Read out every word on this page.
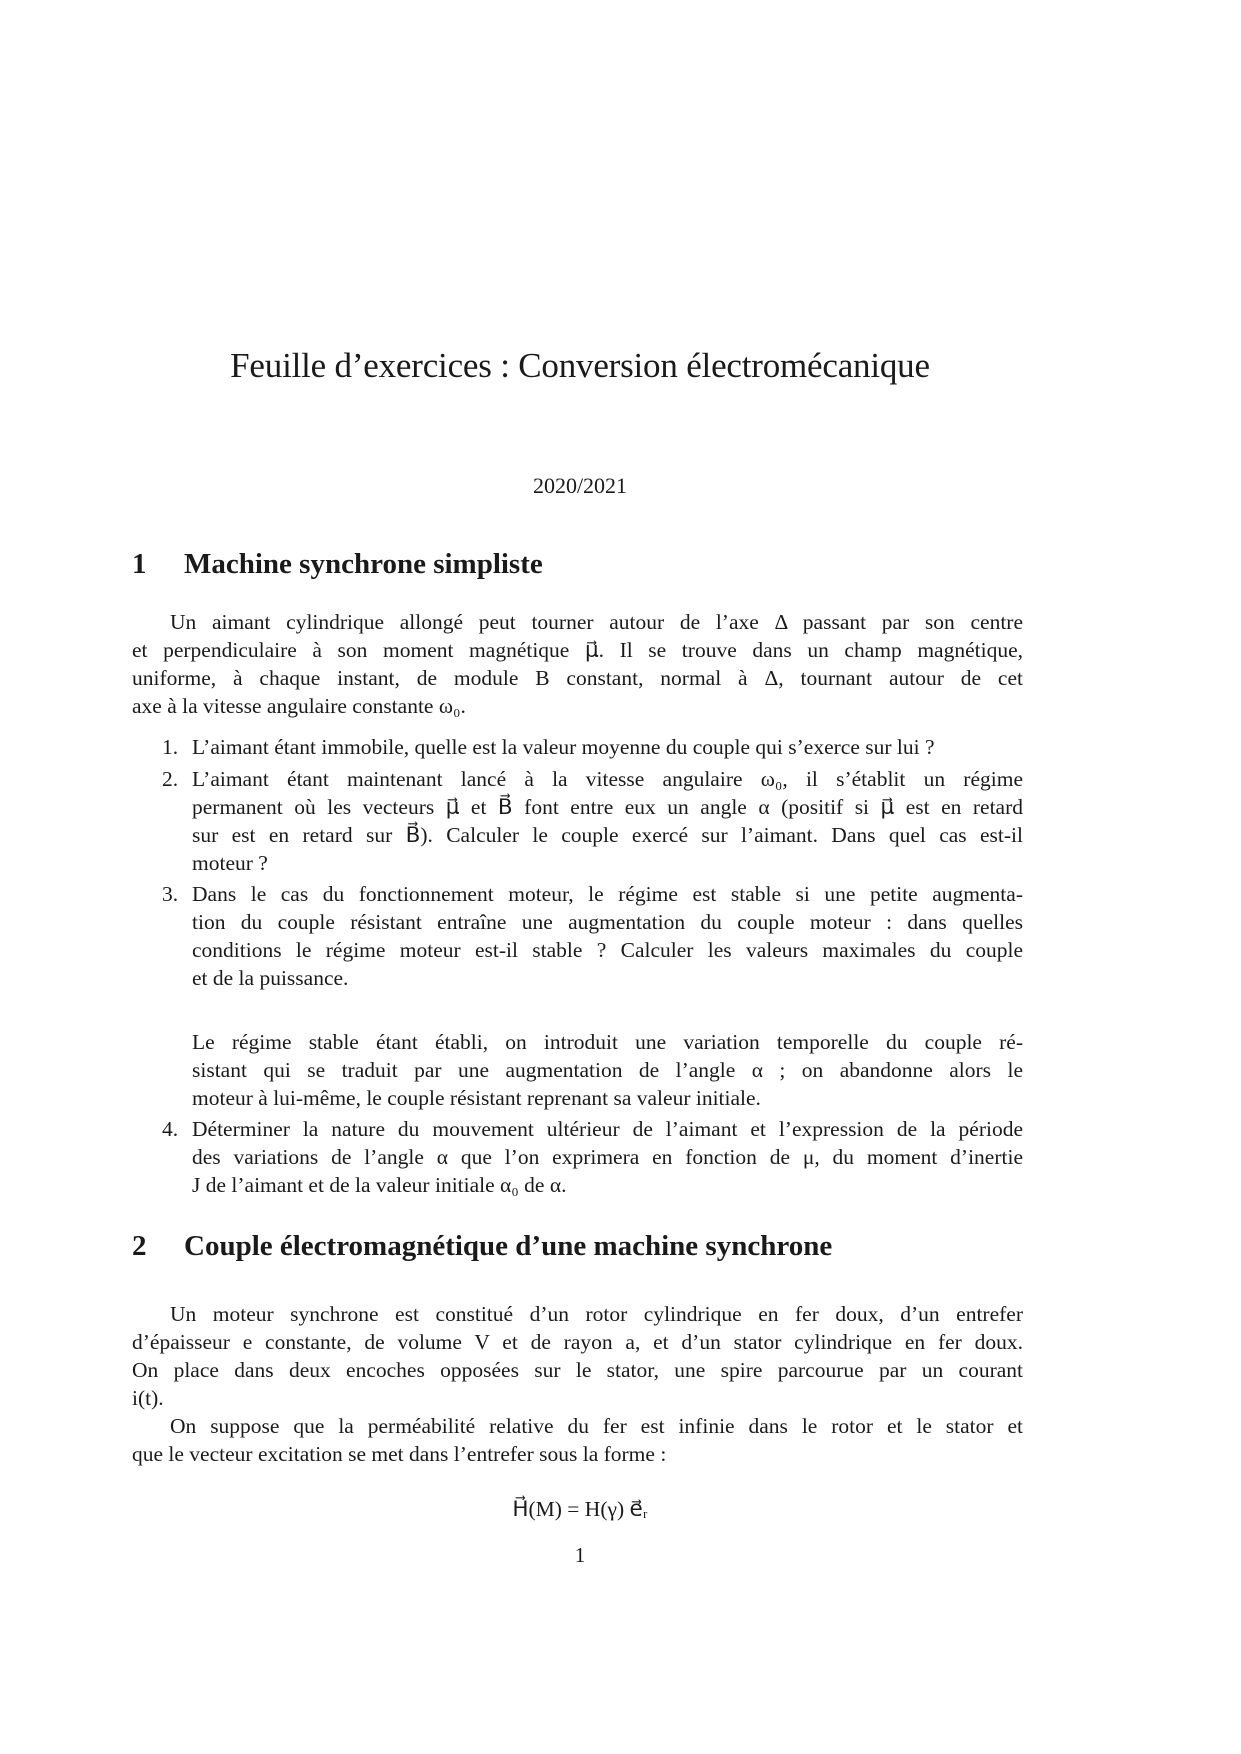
Feuille d’exercices : Conversion électromécanique
2020/2021
1 Machine synchrone simpliste
Un aimant cylindrique allongé peut tourner autour de l’axe Δ passant par son centre
et perpendiculaire à son moment magnétique μ⃗. Il se trouve dans un champ magnétique,
uniforme, à chaque instant, de module B constant, normal à Δ, tournant autour de cet
axe à la vitesse angulaire constante ω₀.
1. L’aimant étant immobile, quelle est la valeur moyenne du couple qui s’exerce sur lui ?
2. L’aimant étant maintenant lancé à la vitesse angulaire ω₀, il s’établit un régime
permanent où les vecteurs μ⃗ et B⃗ font entre eux un angle α (positif si μ⃗ est en retard
sur est en retard sur B⃗). Calculer le couple exercé sur l’aimant. Dans quel cas est-il
moteur ?
3. Dans le cas du fonctionnement moteur, le régime est stable si une petite augmenta-
tion du couple résistant entraîne une augmentation du couple moteur : dans quelles
conditions le régime moteur est-il stable ? Calculer les valeurs maximales du couple
et de la puissance.
Le régime stable étant établi, on introduit une variation temporelle du couple ré-
sistant qui se traduit par une augmentation de l’angle α ; on abandonne alors le
moteur à lui-même, le couple résistant reprenant sa valeur initiale.
4. Déterminer la nature du mouvement ultérieur de l’aimant et l’expression de la période
des variations de l’angle α que l’on exprimera en fonction de μ, du moment d’inertie
J de l’aimant et de la valeur initiale α₀ de α.
2 Couple électromagnétique d’une machine synchrone
Un moteur synchrone est constitué d’un rotor cylindrique en fer doux, d’un entrefer
d’épaisseur e constante, de volume V et de rayon a, et d’un stator cylindrique en fer doux.
On place dans deux encoches opposées sur le stator, une spire parcourue par un courant
i(t).
On suppose que la perméabilité relative du fer est infinie dans le rotor et le stator et
que le vecteur excitation se met dans l’entrefer sous la forme :
H⃗(M) = H(γ) e⃗ᵣ
1
